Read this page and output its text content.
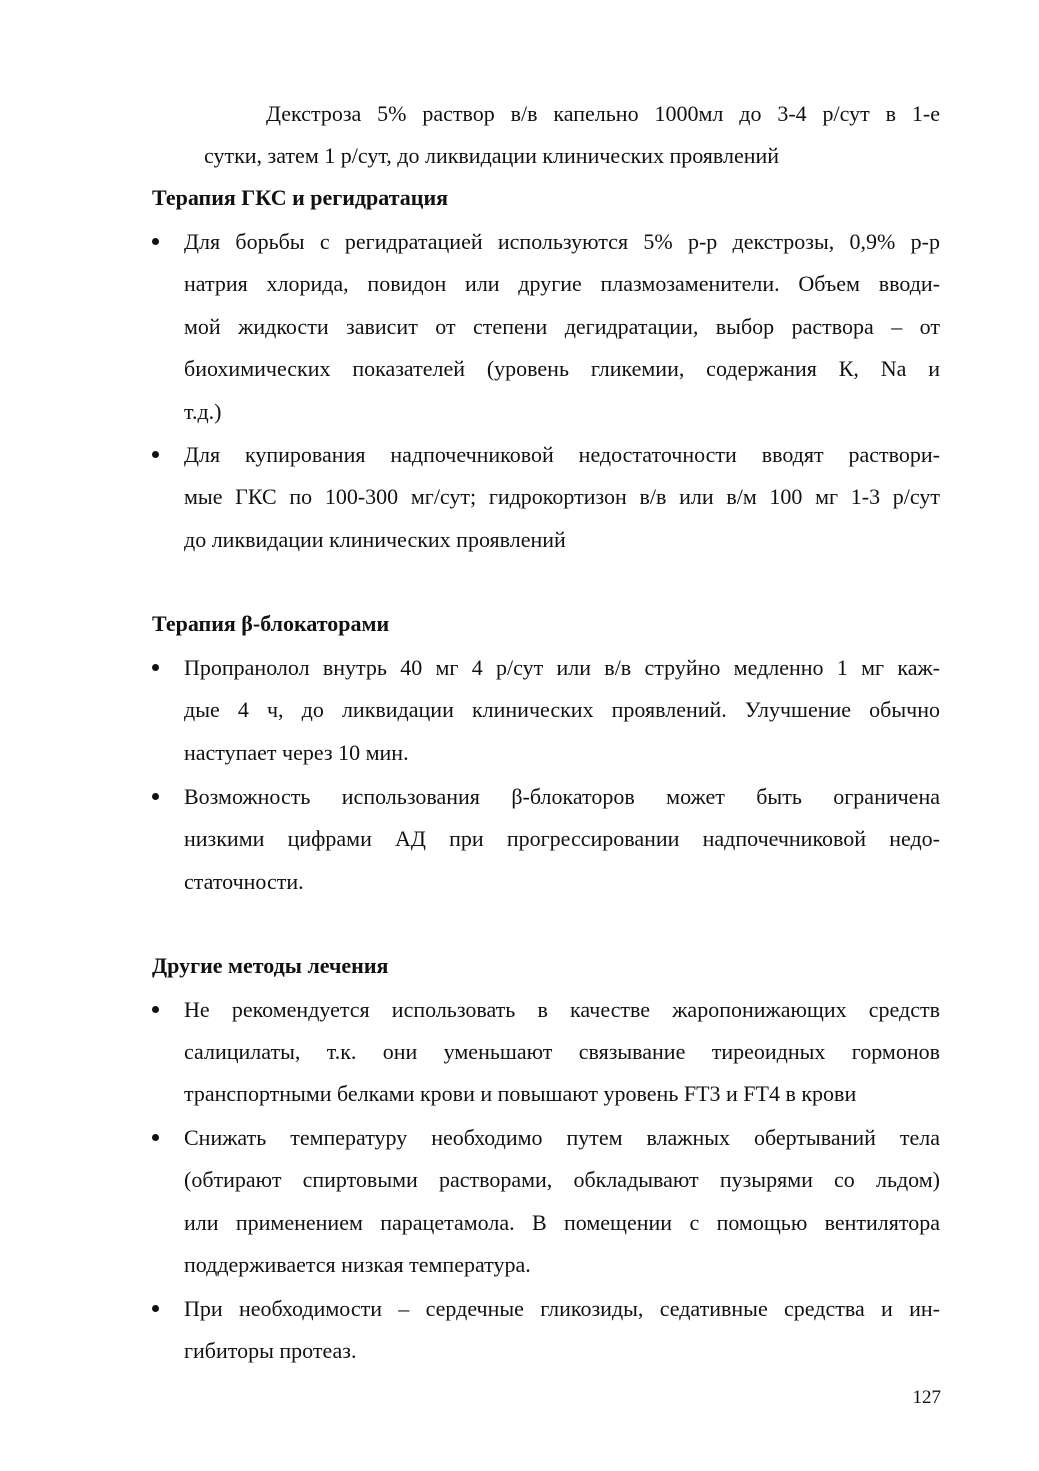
Декстроза 5% раствор в/в капельно 1000мл до 3-4 р/сут в 1-е
сутки, затем 1 р/сут, до ликвидации клинических проявлений
Терапия ГКС и регидратация
Для борьбы с регидратацией используются 5% р-р декстрозы, 0,9% р-р
натрия хлорида, повидон или другие плазмозаменители. Объем вводи-
мой жидкости зависит от степени дегидратации, выбор раствора – от
биохимических показателей (уровень гликемии, содержания К, Na и
т.д.)
Для купирования надпочечниковой недостаточности вводят раствори-
мые ГКС по 100-300 мг/сут; гидрокортизон в/в или в/м 100 мг 1-3 р/сут
до ликвидации клинических проявлений
Терапия β-блокаторами
Пропранолол внутрь 40 мг 4 р/сут или в/в струйно медленно 1 мг каж-
дые 4 ч, до ликвидации клинических проявлений. Улучшение обычно
наступает через 10 мин.
Возможность использования β-блокаторов может быть ограничена
низкими цифрами АД при прогрессировании надпочечниковой недо-
статочности.
Другие методы лечения
Не рекомендуется использовать в качестве жаропонижающих средств
салицилаты, т.к. они уменьшают связывание тиреоидных гормонов
транспортными белками крови и повышают уровень FT3 и FT4 в крови
Снижать температуру необходимо путем влажных обертываний тела
(обтирают спиртовыми растворами, обкладывают пузырями со льдом)
или применением парацетамола. В помещении с помощью вентилятора
поддерживается низкая температура.
При необходимости – сердечные гликозиды, седативные средства и ин-
гибиторы протеаз.
127
